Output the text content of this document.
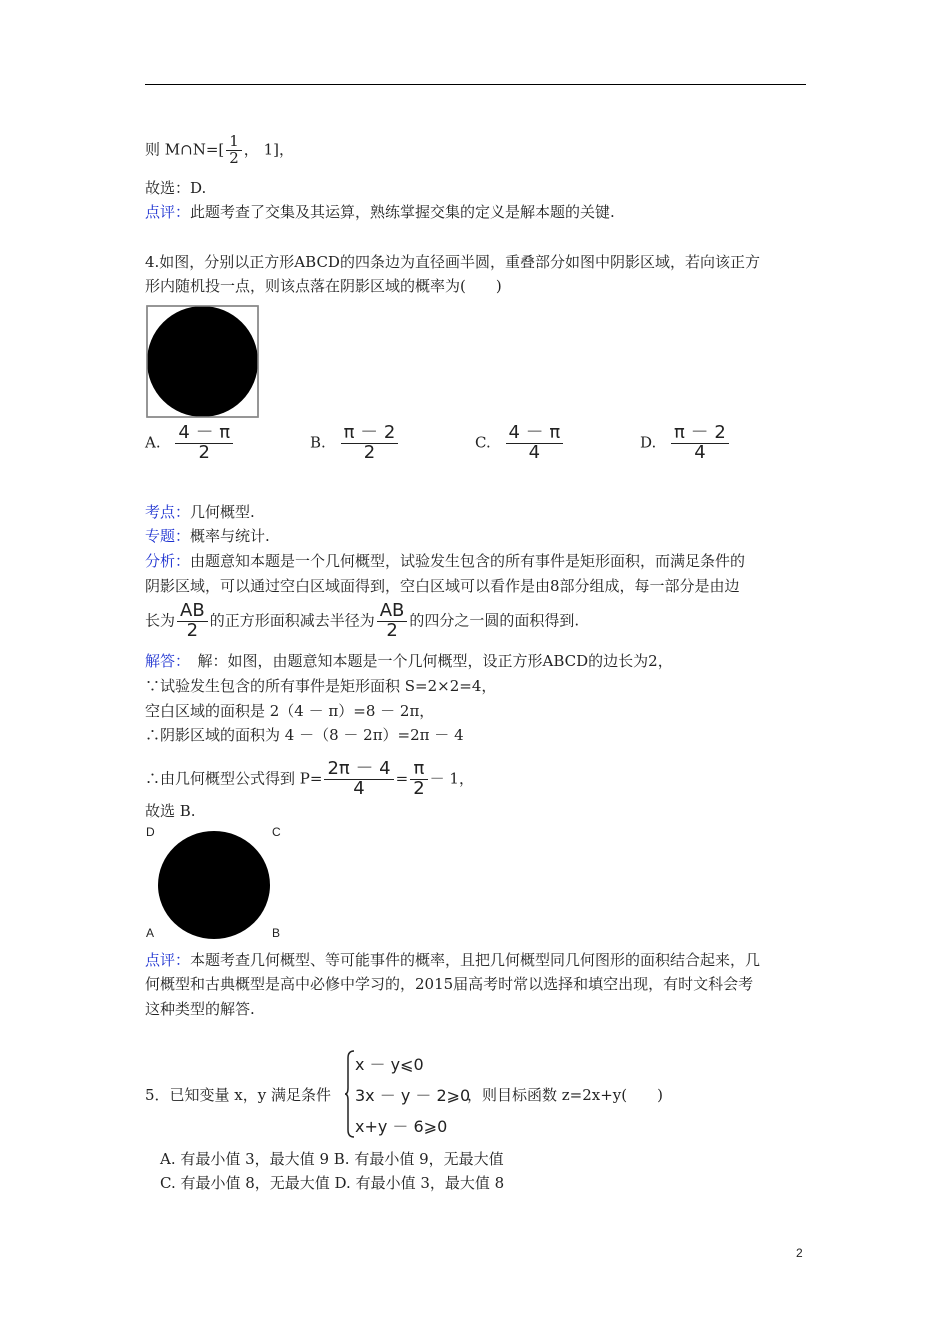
则 M∩N=[ $\frac{1}{2}$ ， 1]，
故选：D.
点评：此题考查了交集及其运算，熟练掌握交集的定义是解本题的关键.
4.如图，分别以正方形ABCD的四条边为直径画半圆，重叠部分如图中阴影区域，若向该正方
形内随机投一点，则该点落在阴影区域的概率为(　　)
A. $\frac{4 - \pi}{2}$	B. $\frac{\pi - 2}{2}$	C. $\frac{4 - \pi}{4}$	D. $\frac{\pi - 2}{4}$
考点：几何概型.
专题：概率与统计.
分析：由题意知本题是一个几何概型，试验发生包含的所有事件是矩形面积，而满足条件的
阴影区域，可以通过空白区域面得到，空白区域可以看作是由8部分组成，每一部分是由边
长为 $\frac{AB}{2}$ 的正方形面积减去半径为 $\frac{AB}{2}$ 的四分之一圆的面积得到.
解答：　解：如图，由题意知本题是一个几何概型，设正方形ABCD的边长为2，
∵试验发生包含的所有事件是矩形面积 S=2×2=4，
空白区域的面积是 2（4 － π）=8 － 2π，
∴阴影区域的面积为 4 －（8 － 2π）=2π － 4
∴由几何概型公式得到 $P= \frac{2\pi - 4}{4} = \frac{\pi}{2} - 1$，
故选 B.
D	C
A	B
点评：本题考查几何概型、等可能事件的概率，且把几何概型同几何图形的面积结合起来，几
何概型和古典概型是高中必修中学习的，2015届高考时常以选择和填空出现，有时文科会考
这种类型的解答.
5．已知变量 x，y 满足条件
x － y⩽0
3x － y － 2⩾0
x+y － 6⩾0
，则目标函数 z=2x+y(　　)
A. 有最小值 3，最大值 9 B. 有最小值 9，无最大值
C. 有最小值 8，无最大值 D. 有最小值 3，最大值 8
2
